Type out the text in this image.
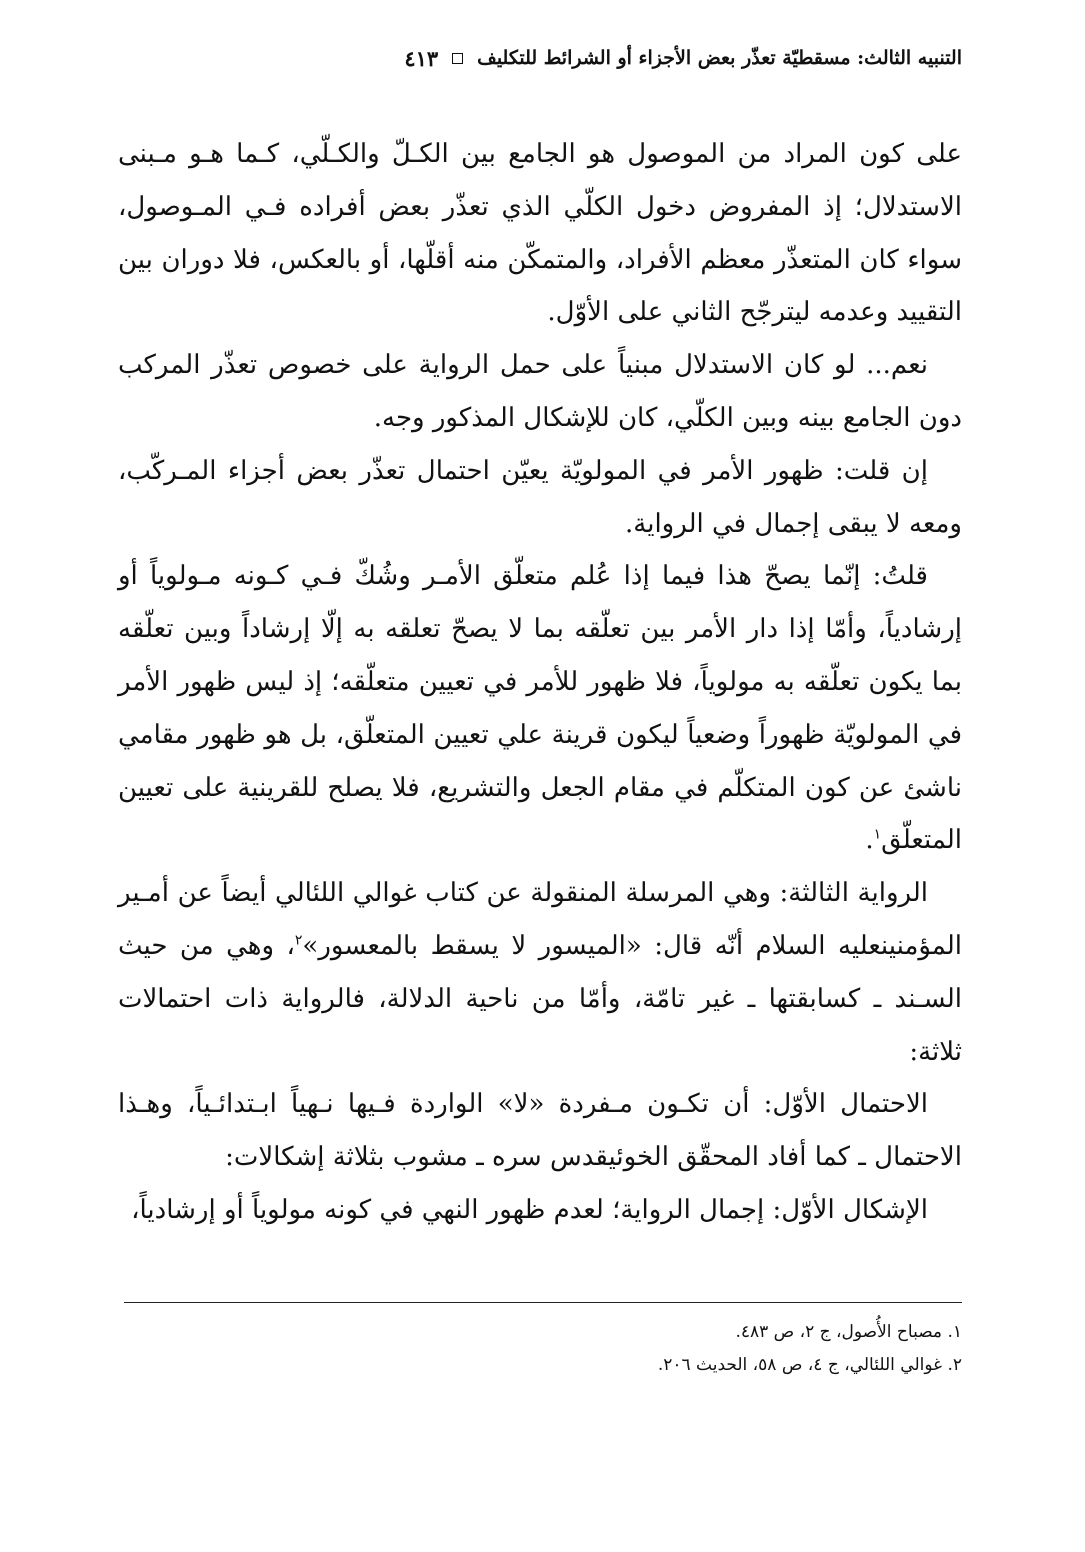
التنبيه الثالث: مسقطيّة تعذّر بعض الأجزاء أو الشرائط للتكليف
٤١٣

على كون المراد من الموصول هو الجامع بين الكـلّ والكـلّي، كـما هـو مـبنى الاستدلال؛ إذ المفروض دخول الكلّي الذي تعذّر بعض أفراده فـي المـوصول، سواء كان المتعذّر معظم الأفراد، والمتمكّن منه أقلّها، أو بالعكس، فلا دوران بين التقييد وعدمه ليترجّح الثاني على الأوّل.

نعم... لو كان الاستدلال مبنياً على حمل الرواية على خصوص تعذّر المركب دون الجامع بينه وبين الكلّي، كان للإشكال المذكور وجه.

إن قلت: ظهور الأمر في المولويّة يعيّن احتمال تعذّر بعض أجزاء المـركّب، ومعه لا يبقى إجمال في الرواية.

قلتُ: إنّما يصحّ هذا فيما إذا عُلم متعلّق الأمـر وشُكّ فـي كـونه مـولوياً أو إرشادياً، وأمّا إذا دار الأمر بين تعلّقه بما لا يصحّ تعلقه به إلّا إرشاداً وبين تعلّقه بما يكون تعلّقه به مولوياً، فلا ظهور للأمر في تعيين متعلّقه؛ إذ ليس ظهور الأمر في المولويّة ظهوراً وضعياً ليكون قرينة علي تعيين المتعلّق، بل هو ظهور مقامي ناشئ عن كون المتكلّم في مقام الجعل والتشريع، فلا يصلح للقرينية على تعيين المتعلّق$^١$.

الرواية الثالثة: وهي المرسلة المنقولة عن كتاب غوالي اللئالي أيضاً عن أمـير المؤمنينعليه السلام أنّه قال: «الميسور لا يسقط بالمعسور»$^٢$، وهي من حيث السـند ـ كسابقتها ـ غير تامّة، وأمّا من ناحية الدلالة، فالرواية ذات احتمالات ثلاثة:

الاحتمال الأوّل: أن تكـون مـفردة «لا» الواردة فـيها نـهياً ابـتدائـياً، وهـذا الاحتمال ـ كما أفاد المحقّق الخوئيقدس سره ـ مشوب بثلاثة إشكالات:

الإشكال الأوّل: إجمال الرواية؛ لعدم ظهور النهي في كونه مولوياً أو إرشادياً،

١. مصباح الأُصول، ج ٢، ص ٤٨٣.
٢. غوالي اللئالي، ج ٤، ص ٥٨، الحديث ٢٠٦.
